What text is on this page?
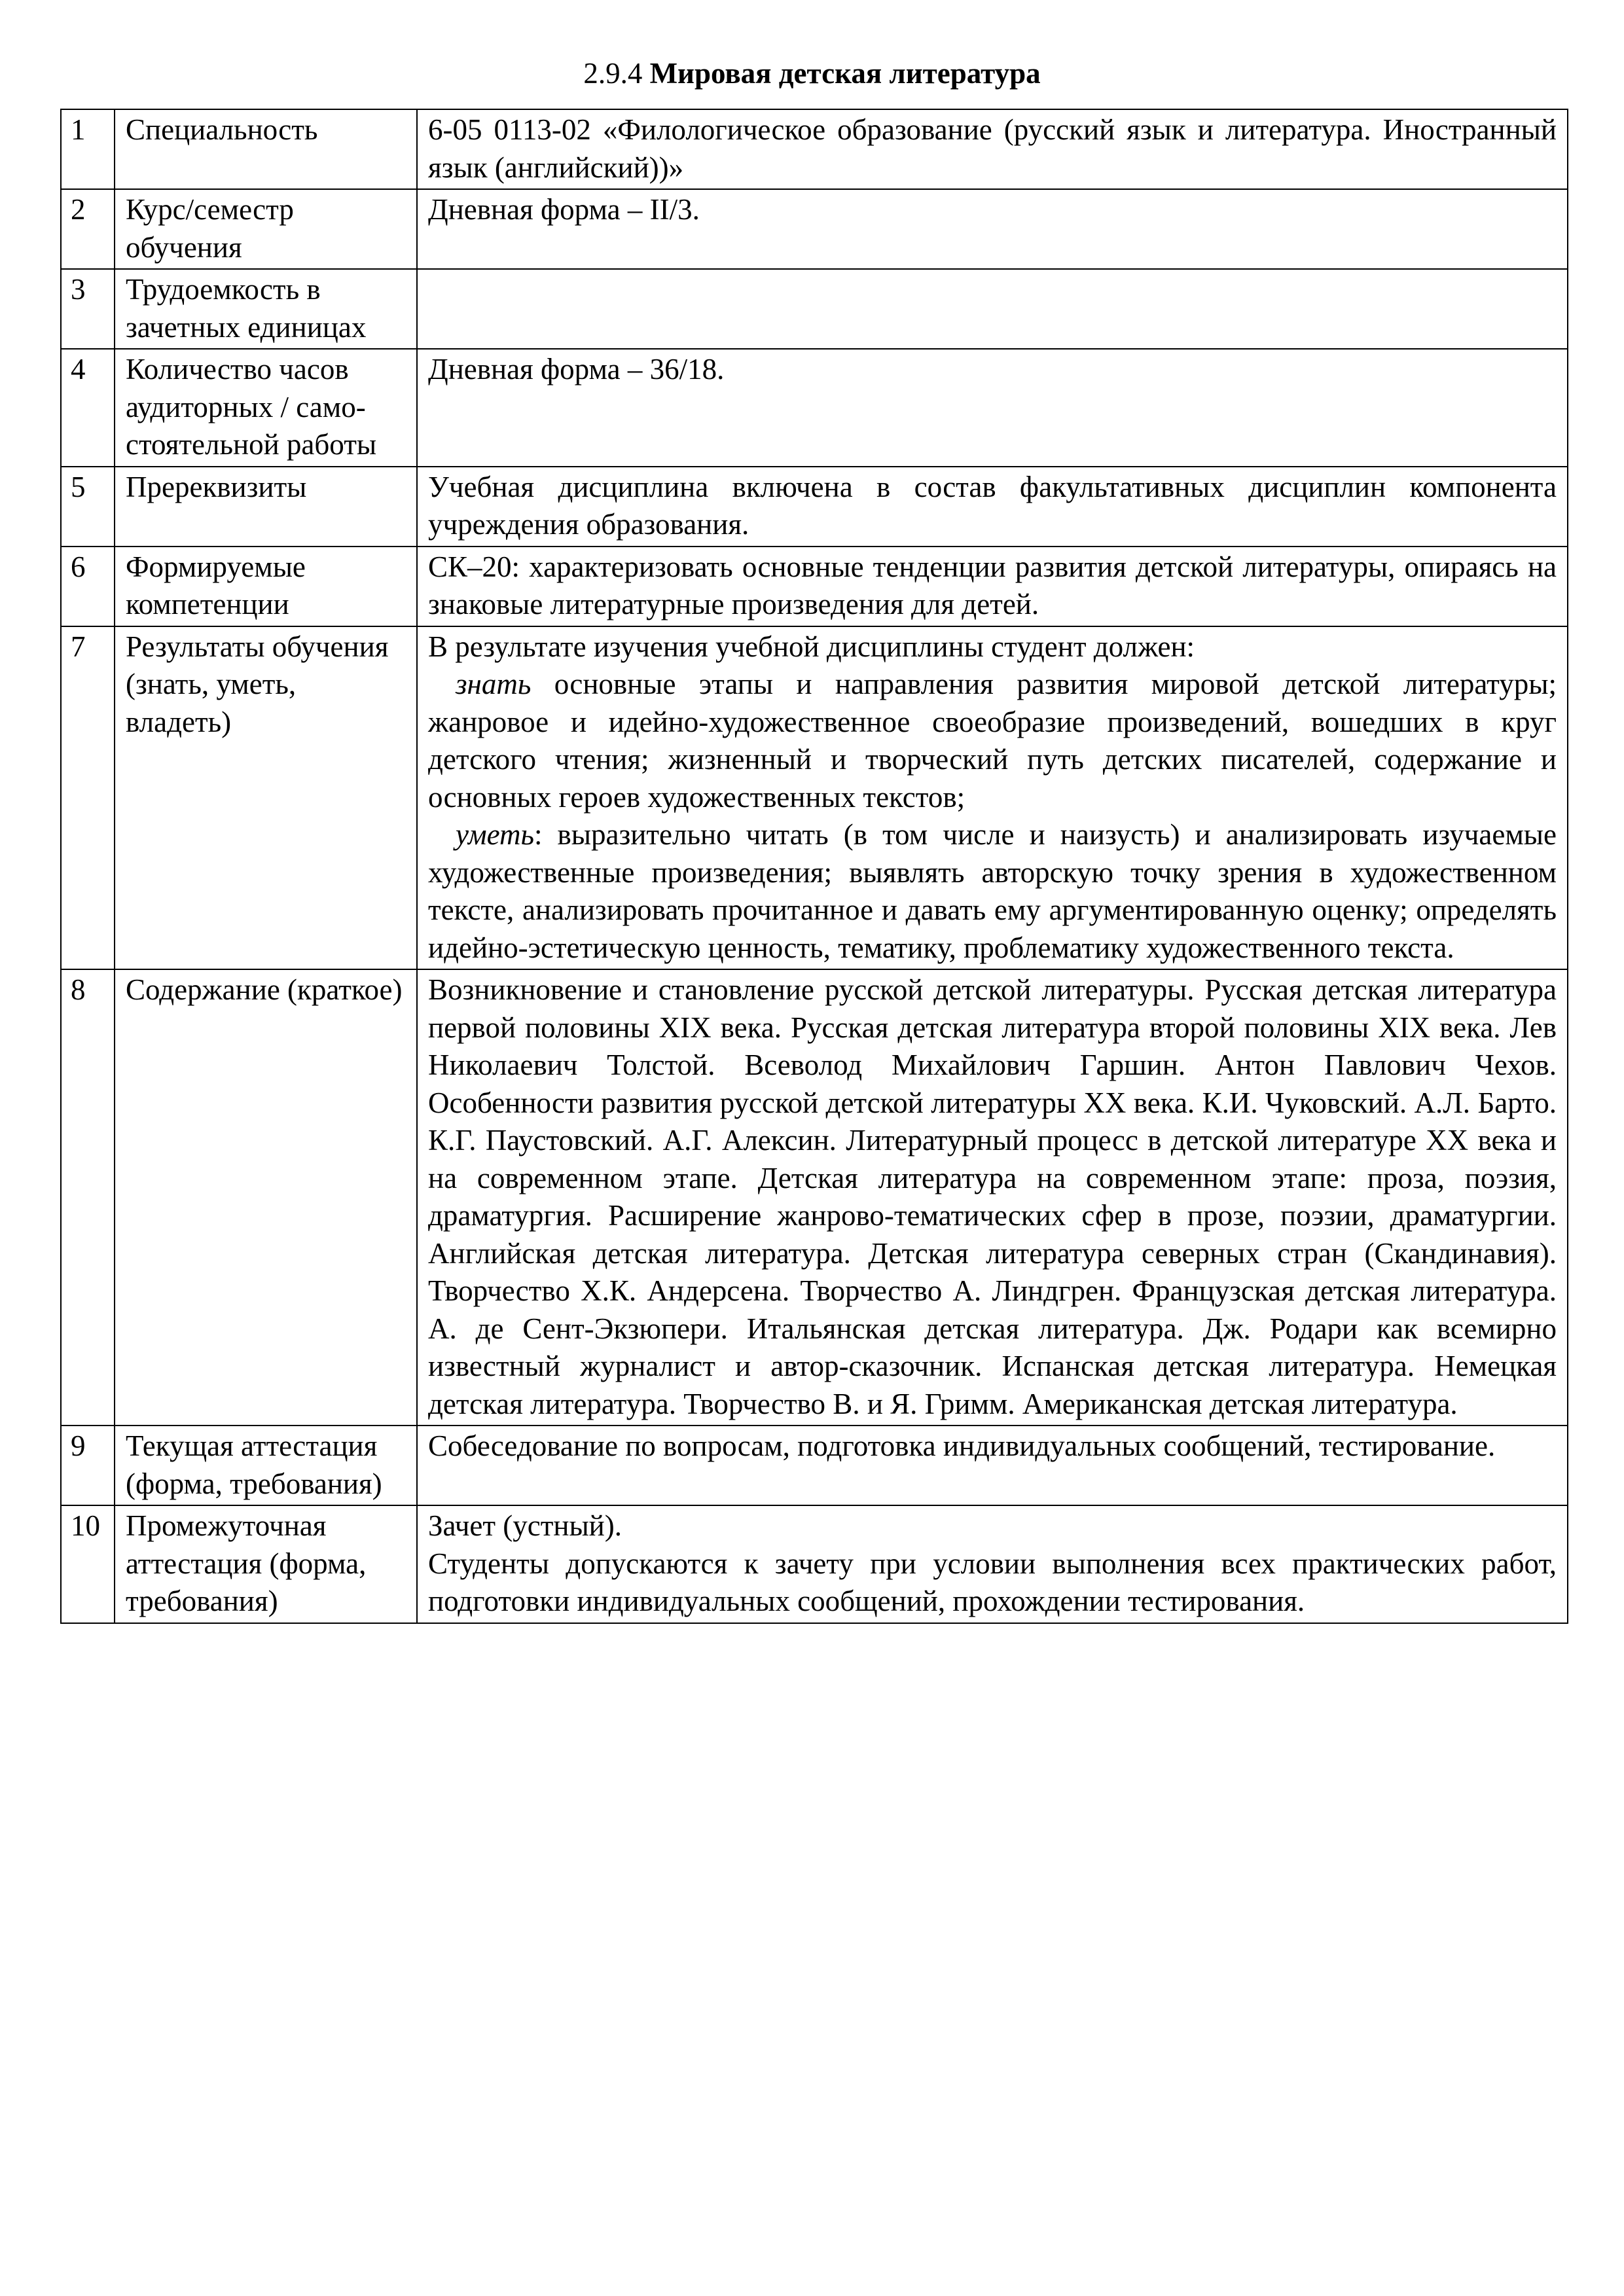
2.9.4 Мировая детская литература
1	Специальность	6-05 0113-02 «Филологическое образование (русский язык и литература. Иностранный язык (английский))»
2	Курс/семестр обучения	Дневная форма – II/3.
3	Трудоемкость в зачетных единицах	
4	Количество часов аудиторных / само-стоятельной работы	Дневная форма – 36/18.
5	Пререквизиты	Учебная дисциплина включена в состав факультативных дисциплин компонента учреждения образования.
6	Формируемые компетенции	СК–20: характеризовать основные тенденции развития детской литературы, опираясь на знаковые литературные произведения для детей.
7	Результаты обучения (знать, уметь, владеть)	В результате изучения учебной дисциплины студент должен:

знать основные этапы и направления развития мировой детской литературы; жанровое и идейно-художественное своеобразие произведений, вошедших в круг детского чтения; жизненный и творческий путь детских писателей, содержание и основных героев художественных текстов;

уметь: выразительно читать (в том числе и наизусть) и анализировать изучаемые художественные произведения; выявлять авторскую точку зрения в художественном тексте, анализировать прочитанное и давать ему аргументированную оценку; определять идейно-эстетическую ценность, тематику, проблематику художественного текста.

8	Содержание (краткое)	Возникновение и становление русской детской литературы. Русская детская литература первой половины XIX века. Русская детская литература второй половины XIX века. Лев Николаевич Толстой. Всеволод Михайлович Гаршин. Антон Павлович Чехов. Особенности развития русской детской литературы XX века. К.И. Чуковский. А.Л. Барто. К.Г. Паустовский. А.Г. Алексин. Литературный процесс в детской литературе XX века и на современном этапе. Детская литература на современном этапе: проза, поэзия, драматургия. Расширение жанрово-тематических сфер в прозе, поэзии, драматургии. Английская детская литература. Детская литература северных стран (Скандинавия). Творчество Х.К. Андерсена. Творчество А. Линдгрен. Французская детская литература. А. де Сент-Экзюпери. Итальянская детская литература. Дж. Родари как всемирно известный журналист и автор-сказочник. Испанская детская литература. Немецкая детская литература. Творчество В. и Я. Гримм. Американская детская литература.
9	Текущая аттестация (форма, требования)	Собеседование по вопросам, подготовка индивидуальных сообщений, тестирование.
10	Промежуточная аттестация (форма, требования)	Зачет (устный).

Студенты допускаются к зачету при условии выполнения всех практических работ, подготовки индивидуальных сообщений, прохождении тестирования.
